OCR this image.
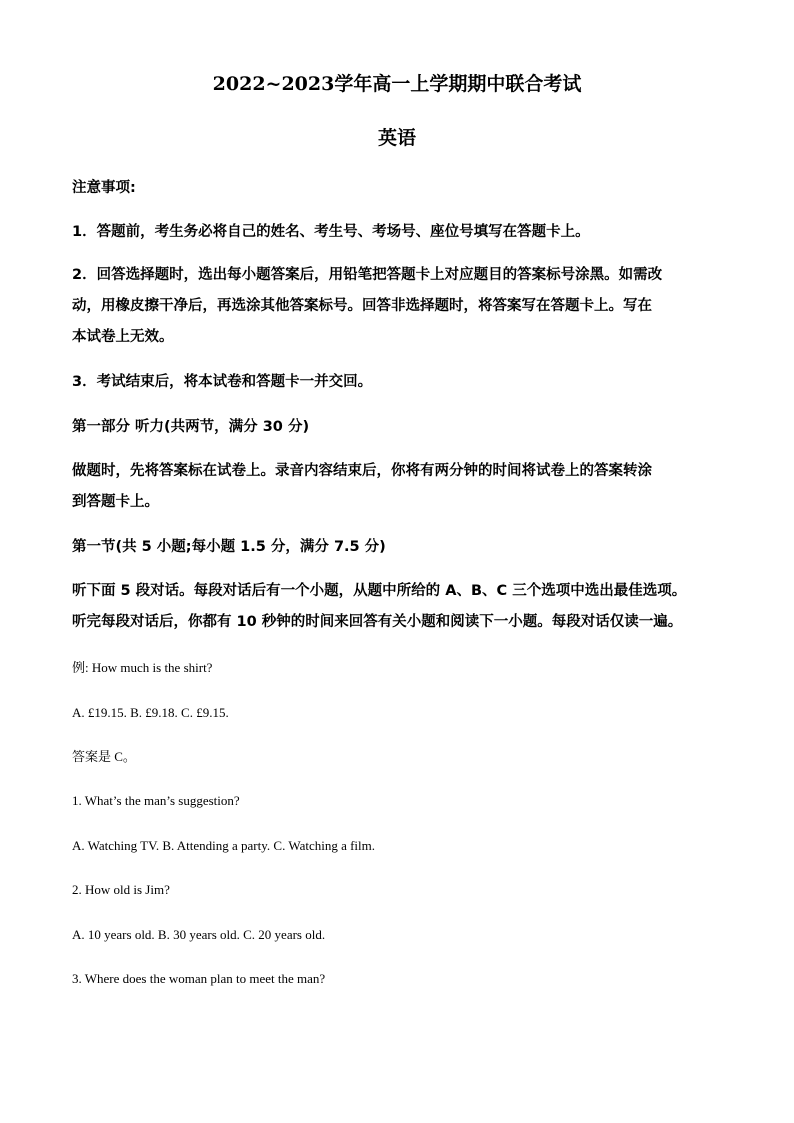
2022~2023学年高一上学期期中联合考试
英语
注意事项:
1．答题前，考生务必将自己的姓名、考生号、考场号、座位号填写在答题卡上。
2．回答选择题时，选出每小题答案后，用铅笔把答题卡上对应题目的答案标号涂黑。如需改
动，用橡皮擦干净后，再选涂其他答案标号。回答非选择题时，将答案写在答题卡上。写在
本试卷上无效。
3．考试结束后，将本试卷和答题卡一并交回。
第一部分 听力(共两节，满分 30 分)
做题时，先将答案标在试卷上。录音内容结束后，你将有两分钟的时间将试卷上的答案转涂
到答题卡上。
第一节(共 5 小题;每小题 1.5 分，满分 7.5 分)
听下面 5 段对话。每段对话后有一个小题，从题中所给的 A、B、C 三个选项中选出最佳选项。
听完每段对话后，你都有 10 秒钟的时间来回答有关小题和阅读下一小题。每段对话仅读一遍。
例: How much is the shirt?
A. £19.15. B. £9.18. C. £9.15.
答案是 C。
1. What’s the man’s suggestion?
A. Watching TV. B. Attending a party. C. Watching a film.
2. How old is Jim?
A. 10 years old. B. 30 years old. C. 20 years old.
3. Where does the woman plan to meet the man?
